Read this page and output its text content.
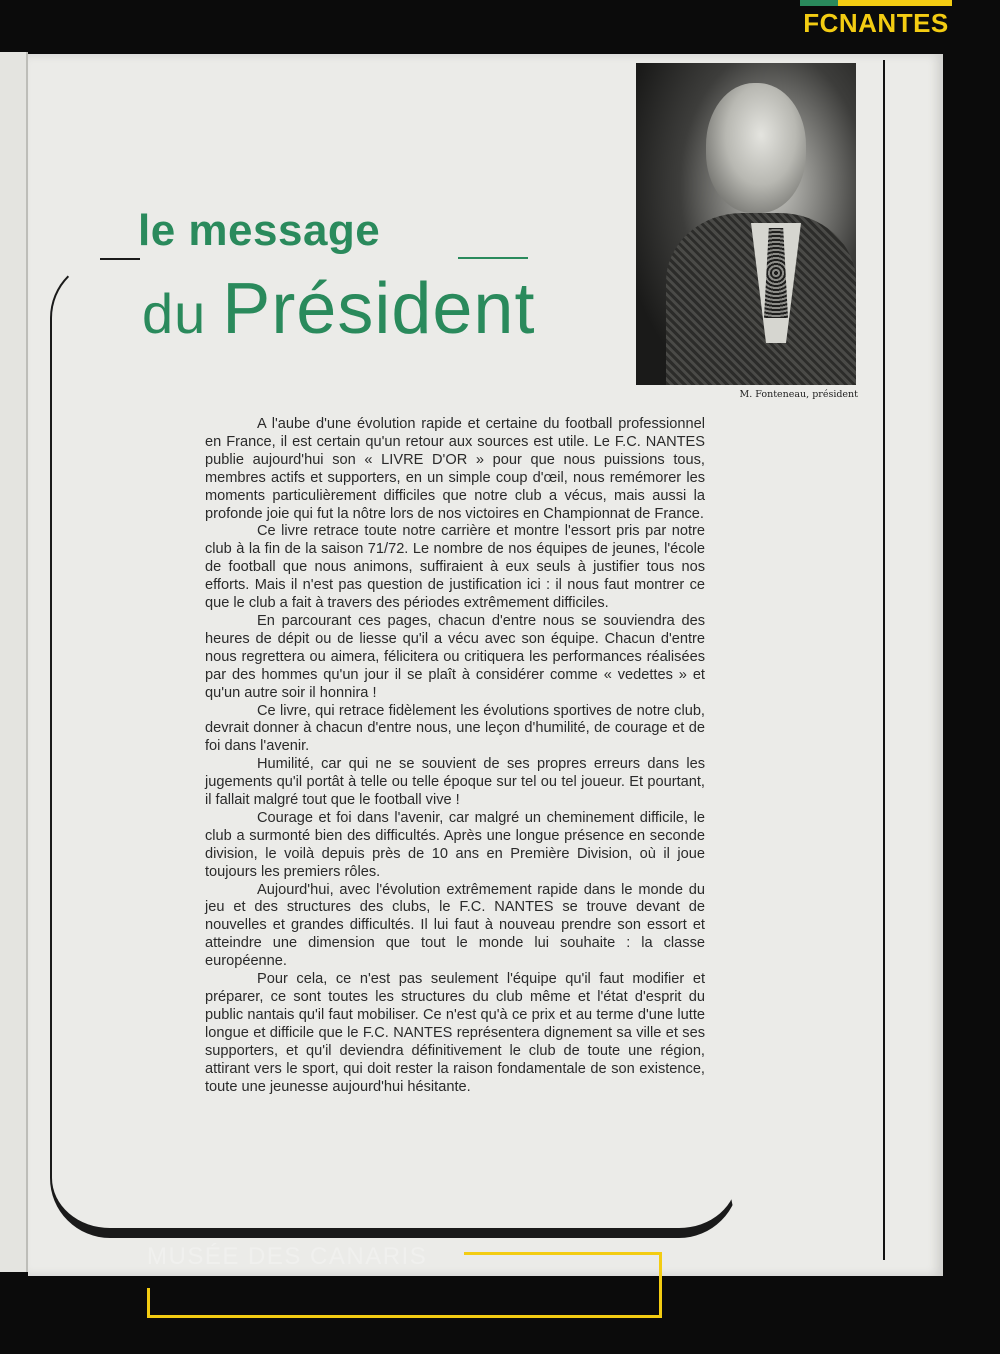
FCNANTES
M. Fonteneau, président
le message
du Président

A l'aube d'une évolution rapide et certaine du football professionnel en France, il est certain qu'un retour aux sources est utile. Le F.C. NANTES publie aujourd'hui son « LIVRE D'OR » pour que nous puissions tous, membres actifs et supporters, en un simple coup d'œil, nous remémorer les moments particulièrement difficiles que notre club a vécus, mais aussi la profonde joie qui fut la nôtre lors de nos victoires en Championnat de France.

Ce livre retrace toute notre carrière et montre l'essort pris par notre club à la fin de la saison 71/72. Le nombre de nos équipes de jeunes, l'école de football que nous animons, suffiraient à eux seuls à justifier tous nos efforts. Mais il n'est pas question de justification ici : il nous faut montrer ce que le club a fait à travers des périodes extrêmement difficiles.

En parcourant ces pages, chacun d'entre nous se souviendra des heures de dépit ou de liesse qu'il a vécu avec son équipe. Chacun d'entre nous regrettera ou aimera, félicitera ou critiquera les performances réalisées par des hommes qu'un jour il se plaît à considérer comme « vedettes » et qu'un autre soir il honnira !

Ce livre, qui retrace fidèlement les évolutions sportives de notre club, devrait donner à chacun d'entre nous, une leçon d'humilité, de courage et de foi dans l'avenir.

Humilité, car qui ne se souvient de ses propres erreurs dans les jugements qu'il portât à telle ou telle époque sur tel ou tel joueur. Et pourtant, il fallait malgré tout que le football vive !

Courage et foi dans l'avenir, car malgré un cheminement difficile, le club a surmonté bien des difficultés. Après une longue présence en seconde division, le voilà depuis près de 10 ans en Première Division, où il joue toujours les premiers rôles.

Aujourd'hui, avec l'évolution extrêmement rapide dans le monde du jeu et des structures des clubs, le F.C. NANTES se trouve devant de nouvelles et grandes difficultés. Il lui faut à nouveau prendre son essort et atteindre une dimension que tout le monde lui souhaite : la classe européenne.

Pour cela, ce n'est pas seulement l'équipe qu'il faut modifier et préparer, ce sont toutes les structures du club même et l'état d'esprit du public nantais qu'il faut mobiliser. Ce n'est qu'à ce prix et au terme d'une lutte longue et difficile que le F.C. NANTES représentera dignement sa ville et ses supporters, et qu'il deviendra définitivement le club de toute une région, attirant vers le sport, qui doit rester la raison fondamentale de son existence, toute une jeunesse aujourd'hui hésitante.

MUSÉE DES CANARIS
